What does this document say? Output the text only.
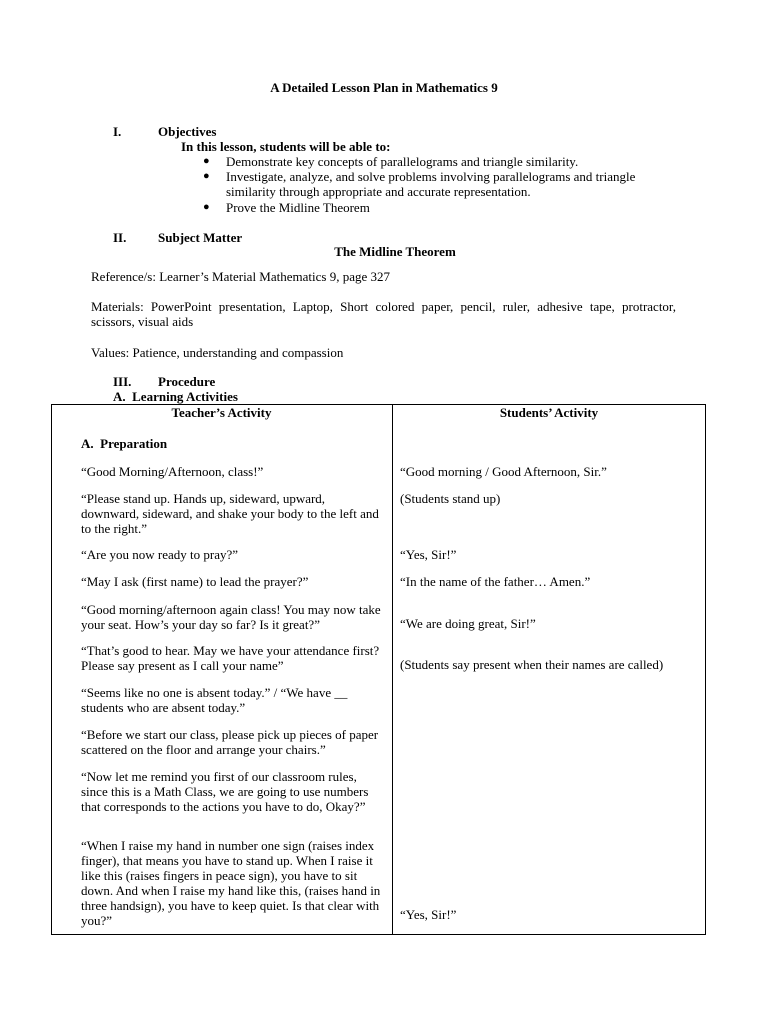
A Detailed Lesson Plan in Mathematics 9
I.	Objectives
In this lesson, students will be able to:
● Demonstrate key concepts of parallelograms and triangle similarity.
● Investigate, analyze, and solve problems involving parallelograms and triangle similarity through appropriate and accurate representation.
● Prove the Midline Theorem
II. Subject Matter
The Midline Theorem
Reference/s: Learner’s Material Mathematics 9, page 327
Materials: PowerPoint presentation, Laptop, Short colored paper, pencil, ruler, adhesive tape, protractor, scissors, visual aids
Values: Patience, understanding and compassion
III. Procedure
A.  Learning Activities
Teacher’s Activity	Students’ Activity
A.  Preparation
“Good Morning/Afternoon, class!”
“Please stand up. Hands up, sideward, upward, downward, sideward, and shake your body to the left and to the right.”
“Are you now ready to pray?”
“May I ask (first name) to lead the prayer?”
“Good morning/afternoon again class! You may now take your seat. How’s your day so far? Is it great?”
“That’s good to hear. May we have your attendance first? Please say present as I call your name”
“Seems like no one is absent today.” / “We have __ students who are absent today.”
“Before we start our class, please pick up pieces of paper scattered on the floor and arrange your chairs.”
“Now let me remind you first of our classroom rules, since this is a Math Class, we are going to use numbers that corresponds to the actions you have to do, Okay?”
“When I raise my hand in number one sign (raises index finger), that means you have to stand up. When I raise it like this (raises fingers in peace sign), you have to sit down. And when I raise my hand like this, (raises hand in three handsign), you have to keep quiet. Is that clear with you?”
“Good morning / Good Afternoon, Sir.”
(Students stand up)
“Yes, Sir!”
“In the name of the father… Amen.”
“We are doing great, Sir!”
(Students say present when their names are called)
“Yes, Sir!”
